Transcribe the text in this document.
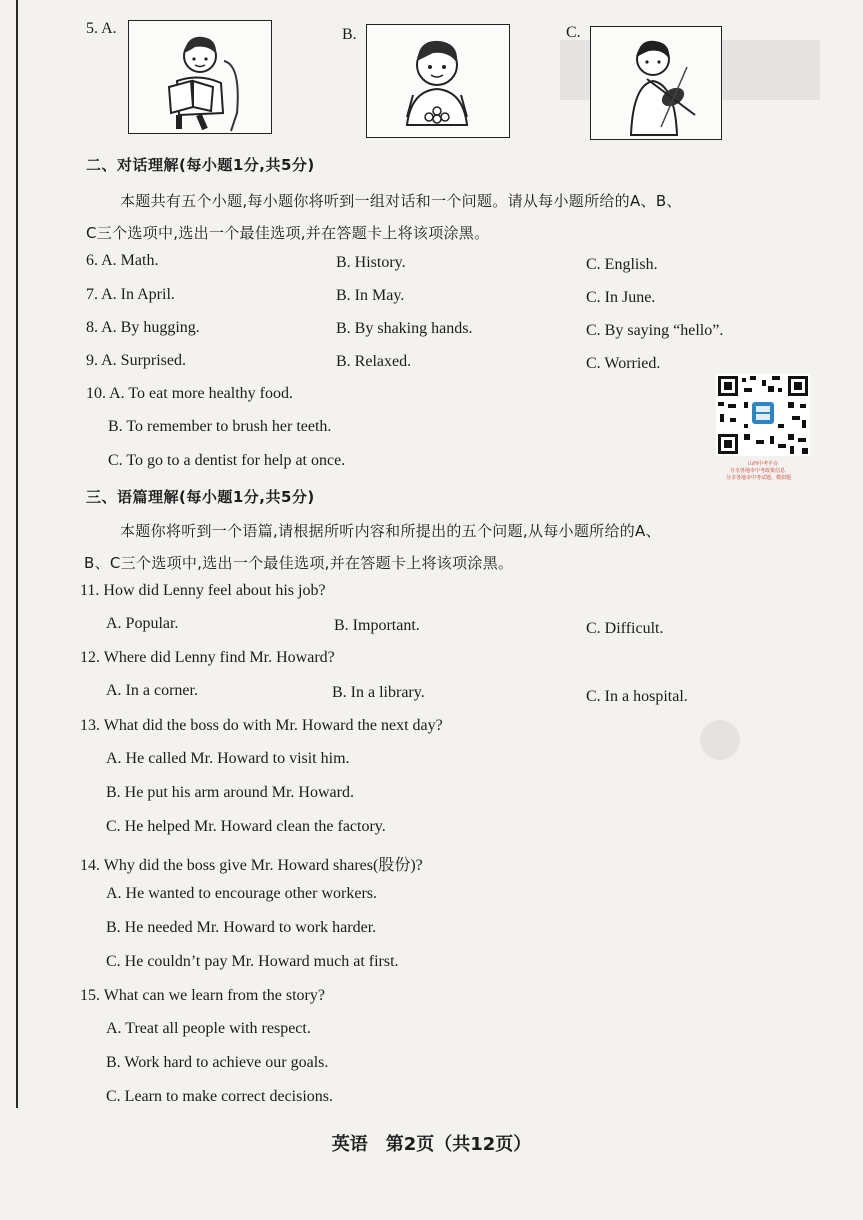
5. A.	B.	C.
二、对话理解(每小题1分,共5分)
本题共有五个小题,每小题你将听到一组对话和一个问题。请从每小题所给的A、B、
C三个选项中,选出一个最佳选项,并在答题卡上将该项涂黑。
6. A. Math.	B. History.	C. English.
7. A. In April.	B. In May.	C. In June.
8. A. By hugging.	B. By shaking hands.	C. By saying “hello”.
9. A. Surprised.	B. Relaxed.	C. Worried.
10. A. To eat more healthy food.
B. To remember to brush her teeth.
C. To go to a dentist for help at once.	山西中考平台
分享各地市中考政策信息
分享各地市中考试题、模拟题
三、语篇理解(每小题1分,共5分)
本题你将听到一个语篇,请根据所听内容和所提出的五个问题,从每小题所给的A、
B、C三个选项中,选出一个最佳选项,并在答题卡上将该项涂黑。
11. How did Lenny feel about his job?
A. Popular.	B. Important.	C. Difficult.
12. Where did Lenny find Mr. Howard?
A. In a corner.	B. In a library.	C. In a hospital.
13. What did the boss do with Mr. Howard the next day?
A. He called Mr. Howard to visit him.
B. He put his arm around Mr. Howard.
C. He helped Mr. Howard clean the factory.
14. Why did the boss give Mr. Howard shares(股份)?
A. He wanted to encourage other workers.
B. He needed Mr. Howard to work harder.
C. He couldn’t pay Mr. Howard much at first.
15. What can we learn from the story?
A. Treat all people with respect.
B. Work hard to achieve our goals.
C. Learn to make correct decisions.
英语　第2页（共12页）
